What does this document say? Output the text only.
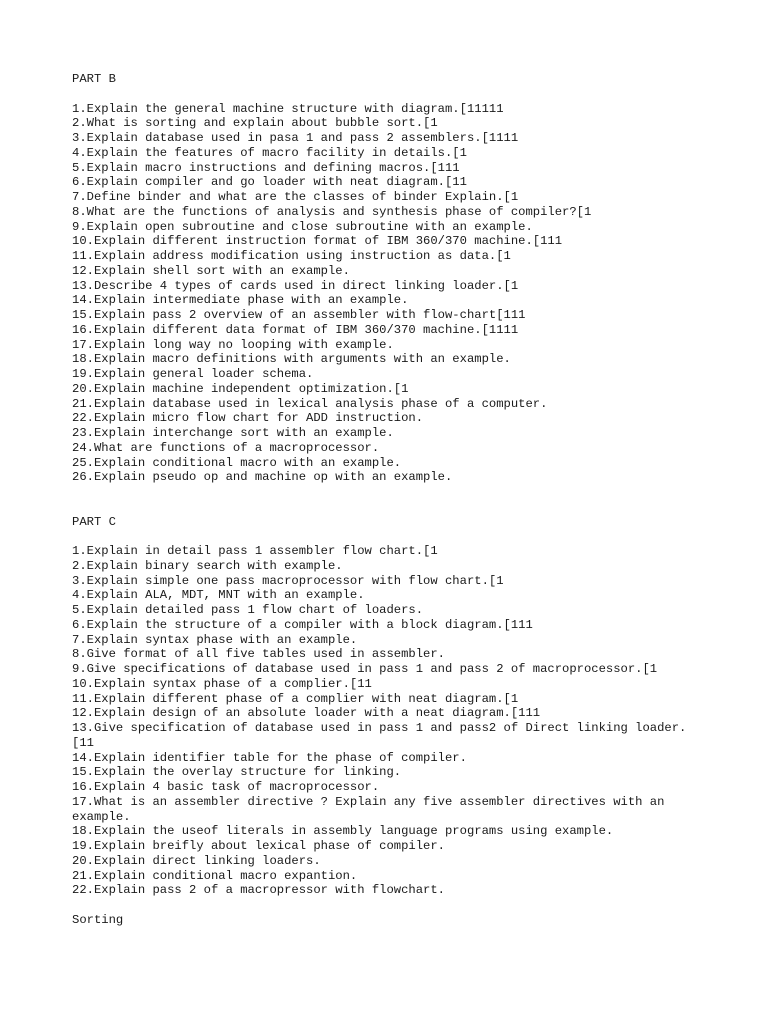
PART B
1.Explain the general machine structure with diagram.[11111
2.What is sorting and explain about bubble sort.[1
3.Explain database used in pasa 1 and pass 2 assemblers.[1111
4.Explain the features of macro facility in details.[1
5.Explain macro instructions and defining macros.[111
6.Explain compiler and go loader with neat diagram.[11
7.Define binder and what are the classes of binder Explain.[1
8.What are the functions of analysis and synthesis phase of compiler?[1
9.Explain open subroutine and close subroutine with an example.
10.Explain different instruction format of IBM 360/370 machine.[111
11.Explain address modification using instruction as data.[1
12.Explain shell sort with an example.
13.Describe 4 types of cards used in direct linking loader.[1
14.Explain intermediate phase with an example.
15.Explain pass 2 overview of an assembler with flow-chart[111
16.Explain different data format of IBM 360/370 machine.[1111
17.Explain long way no looping with example.
18.Explain macro definitions with arguments with an example.
19.Explain general loader schema.
20.Explain machine independent optimization.[1
21.Explain database used in lexical analysis phase of a computer.
22.Explain micro flow chart for ADD instruction.
23.Explain interchange sort with an example.
24.What are functions of a macroprocessor.
25.Explain conditional macro with an example.
26.Explain pseudo op and machine op with an example.
PART C
1.Explain in detail pass 1 assembler flow chart.[1
2.Explain binary search with example.
3.Explain simple one pass macroprocessor with flow chart.[1
4.Explain ALA, MDT, MNT with an example.
5.Explain detailed pass 1 flow chart of loaders.
6.Explain the structure of a compiler with a block diagram.[111
7.Explain syntax phase with an example.
8.Give format of all five tables used in assembler.
9.Give specifications of database used in pass 1 and pass 2 of macroprocessor.[1
10.Explain syntax phase of a complier.[11
11.Explain different phase of a complier with neat diagram.[1
12.Explain design of an absolute loader with a neat diagram.[111
13.Give specification of database used in pass 1 and pass2 of Direct linking loader.[11
14.Explain identifier table for the phase of compiler.
15.Explain the overlay structure for linking.
16.Explain 4 basic task of macroprocessor.
17.What is an assembler directive ? Explain any five assembler directives with an example.
18.Explain the useof literals in assembly language programs using example.
19.Explain breifly about lexical phase of compiler.
20.Explain direct linking loaders.
21.Explain conditional macro expantion.
22.Explain pass 2 of a macropressor with flowchart.
Sorting
